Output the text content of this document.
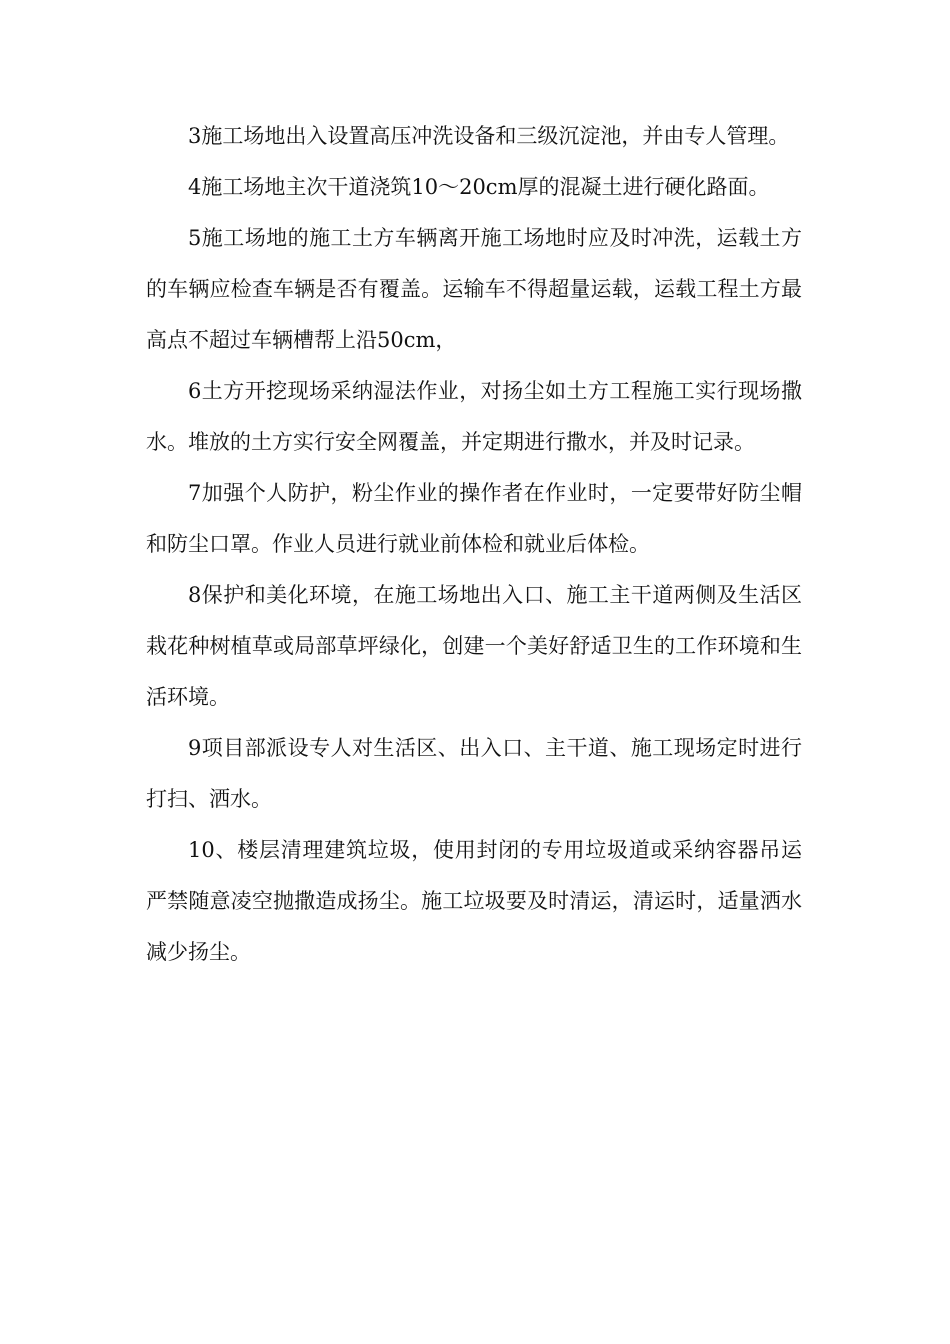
3施工场地出入设置高压冲洗设备和三级沉淀池，并由专人管理。

4施工场地主次干道浇筑10～20cm厚的混凝土进行硬化路面。

5施工场地的施工土方车辆离开施工场地时应及时冲洗，运载土方的车辆应检查车辆是否有覆盖。运输车不得超量运载，运载工程土方最高点不超过车辆槽帮上沿50cm，

6土方开挖现场采纳湿法作业，对扬尘如土方工程施工实行现场撒水。堆放的土方实行安全网覆盖，并定期进行撒水，并及时记录。

7加强个人防护，粉尘作业的操作者在作业时，一定要带好防尘帽和防尘口罩。作业人员进行就业前体检和就业后体检。

8保护和美化环境，在施工场地出入口、施工主干道两侧及生活区栽花种树植草或局部草坪绿化，创建一个美好舒适卫生的工作环境和生活环境。

9项目部派设专人对生活区、出入口、主干道、施工现场定时进行打扫、洒水。

10、楼层清理建筑垃圾，使用封闭的专用垃圾道或采纳容器吊运严禁随意凌空抛撒造成扬尘。施工垃圾要及时清运，清运时，适量洒水减少扬尘。
